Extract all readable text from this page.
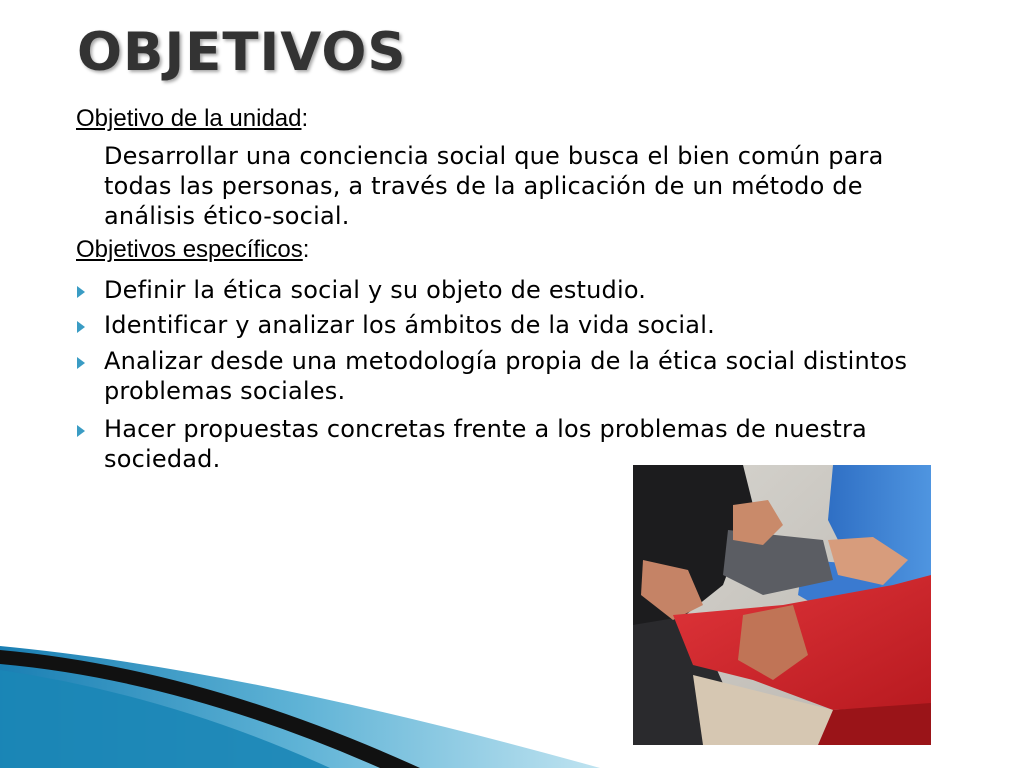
OBJETIVOS
Objetivo de la unidad:
Desarrollar una conciencia social que busca el bien común para todas las personas, a través de la aplicación de un método de análisis ético-social.
Objetivos específicos:
Definir la ética social y su objeto de estudio.
Identificar y analizar los ámbitos de la vida social.
Analizar desde una metodología propia de la ética social distintos problemas sociales.
Hacer propuestas concretas frente a los problemas de nuestra sociedad.
